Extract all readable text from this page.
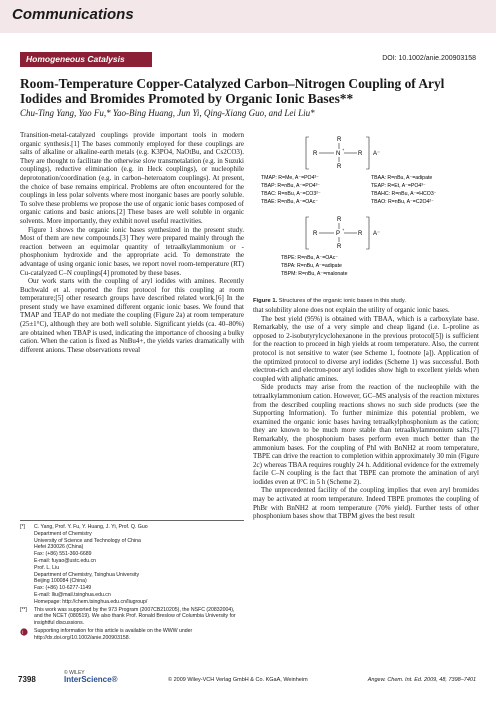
Communications
Homogeneous Catalysis	DOI: 10.1002/anie.200903158
Room-Temperature Copper-Catalyzed Carbon–Nitrogen Coupling of Aryl Iodides and Bromides Promoted by Organic Ionic Bases**
Chu-Ting Yang, Yao Fu,* Yao-Bing Huang, Jun Yi, Qing-Xiang Guo, and Lei Liu*

Transition-metal-catalyzed couplings provide important tools in modern organic synthesis.[1] The bases commonly employed for these couplings are salts of alkaline or alkaline-earth metals (e.g. K3PO4, NaOtBu, and Cs2CO3). They are thought to facilitate the otherwise slow transmetalation (e.g. in Suzuki couplings), reductive elimination (e.g. in Heck couplings), or nucleophile deprotonation/coordination (e.g. in carbon–heteroatom couplings). At present, the choice of base remains empirical. Problems are often encountered for the couplings in less polar solvents where most inorganic bases are poorly soluble. To solve these problems we propose the use of organic ionic bases composed of organic cations and basic anions.[2] These bases are well soluble in organic solvents. More importantly, they exhibit novel useful reactivities.

Figure 1 shows the organic ionic bases synthesized in the present study. Most of them are new compounds.[3] They were prepared mainly through the reaction between an equimolar quantity of tetraalkylammonium or -phosphonium hydroxide and the appropriate acid. To demonstrate the advantage of using organic ionic bases, we report novel room-temperature (RT) Cu-catalyzed C–N couplings[4] promoted by these bases.

Our work starts with the coupling of aryl iodides with amines. Recently Buchwald et al. reported the first protocol for this coupling at room temperature;[5] other research groups have described related work.[6] In the present study we have examined different organic ionic bases. We found that TMAP and TEAP do not mediate the coupling (Figure 2a) at room temperature (25±1°C), although they are both well soluble. Significant yields (ca. 40–80%) are obtained when TBAP is used, indicating the importance of choosing a bulky cation. When the cation is fixed as NnBu4+, the yields varies dramatically with different anions. These observations reveal

R
R	N
+
R
R
A⁻
TMAP: R=Me, A⁻=PO4³⁻	TBAA: R=nBu, A⁻=adipate
TBAP: R=nBu, A⁻=PO4³⁻	TEAP: R=Et, A⁻=PO4³⁻
TBAC: R=nBu, A⁻=CO3²⁻	TBAHC: R=nBu, A⁻=HCO3⁻
TBAE: R=nBu, A⁻=OAc⁻	TBAO: R=nBu, A⁻=C2O4²⁻
R
R	P
+
R
R
A⁻
TBPE: R=nBu, A⁻=OAc⁻
TBPA: R=nBu, A⁻=adipate
TBPM: R=nBu, A⁻=malonate
Figure 1. Structures of the organic ionic bases in this study.

that solubility alone does not explain the utility of organic ionic bases.

The best yield (95%) is obtained with TBAA, which is a carboxylate base. Remarkably, the use of a very simple and cheap ligand (i.e. L-proline as opposed to 2-isobutyrylcyclohexanone in the previous protocol[5]) is sufficient for the reaction to proceed in high yields at room temperature. Also, the current protocol is not sensitive to water (see Scheme 1, footnote [a]). Application of the optimized protocol to diverse aryl iodides (Scheme 1) was successful. Both electron-rich and electron-poor aryl iodides show high to excellent yields when coupled with aliphatic amines.

Side products may arise from the reaction of the nucleophile with the tetraalkylammonium cation. However, GC–MS analysis of the reaction mixtures from the described coupling reactions shows no such side products (see the Supporting Information). To further minimize this potential problem, we examined the organic ionic bases having tetraalkylphosphonium as the cation; they are known to be much more stable than tetraalkylammonium salts.[7] Remarkably, the phosphonium bases perform even much better than the ammonium bases. For the coupling of PhI with BnNH2 at room temperature, TBPE can drive the reaction to completion within approximately 30 min (Figure 2c) whereas TBAA requires roughly 24 h. Additional evidence for the extremely facile C–N coupling is the fact that TBPE can promote the amination of aryl iodides even at 0°C in 5 h (Scheme 2).

The unprecedented facility of the coupling implies that even aryl bromides may be activated at room temperature. Indeed TBPE promotes the coupling of PhBr with BnNH2 at room temperature (70% yield). Further tests of other phosphonium bases show that TBPM gives the best result

[*] C. Yang, Prof. Y. Fu, Y. Huang, J. Yi, Prof. Q. Guo
Department of Chemistry
University of Science and Technology of China
Hefei 230026 (China)
Fax: (+86) 551-360-6689
E-mail: fuyao@ustc.edu.cn
Prof. L. Liu
Department of Chemistry, Tsinghua University
Beijing 100084 (China)
Fax: (+86) 10-6277-1149
E-mail: lliu@mail.tsinghua.edu.cn
Homepage: http://chem.tsinghua.edu.cn/liugroup/
[**] This work was supported by the 973 Program (2007CB210205), the NSFC (20832004), and the NCET (080519). We also thank Prof. Ronald Breslow of Columbia University for insightful discussions.
i Supporting information for this article is available on the WWW under http://dx.doi.org/10.1002/anie.200903158.
7398
© WILEY
InterScience®	© 2009 Wiley-VCH Verlag GmbH & Co. KGaA, Weinheim	Angew. Chem. Int. Ed. 2009, 48, 7398–7401
